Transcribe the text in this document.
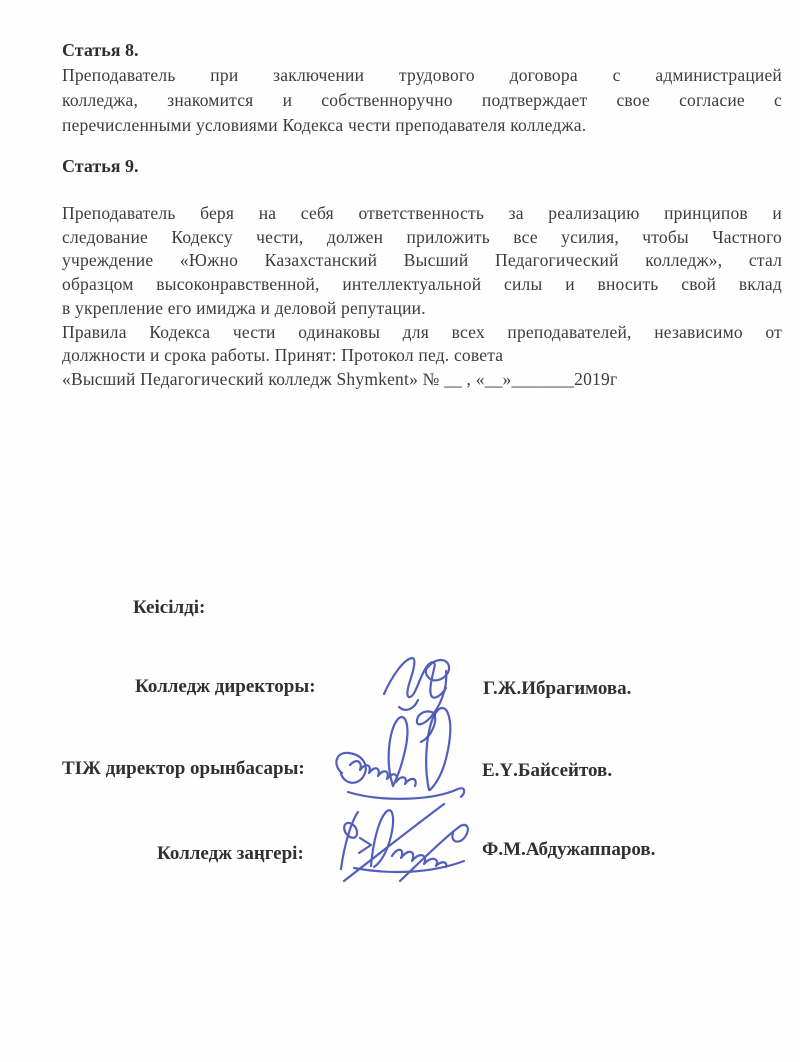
Статья 8.
Преподаватель при заключении трудового договора с администрацией
колледжа, знакомится и собственноручно подтверждает свое согласие с
перечисленными условиями Кодекса чести преподавателя колледжа.
Статья 9.
Преподаватель беря на себя ответственность за реализацию принципов и
следование Кодексу чести, должен приложить все усилия, чтобы Частного
учреждение «Южно Казахстанский Высший Педагогический колледж», стал
образцом высоконравственной, интеллектуальной силы и вносить свой вклад
в укрепление его имиджа и деловой репутации.
Правила Кодекса чести одинаковы для всех преподавателей, независимо от
должности и срока работы. Принят: Протокол пед. совета
«Высший Педагогический колледж Shymkent» № __ , «__»_______2019г
Кеісілді:
Колледж директоры:	Г.Ж.Ибрагимова.
ТІЖ директор орынбасары:	Е.Ү.Байсейтов.
Колледж заңгері:	Ф.М.Абдужаппаров.
